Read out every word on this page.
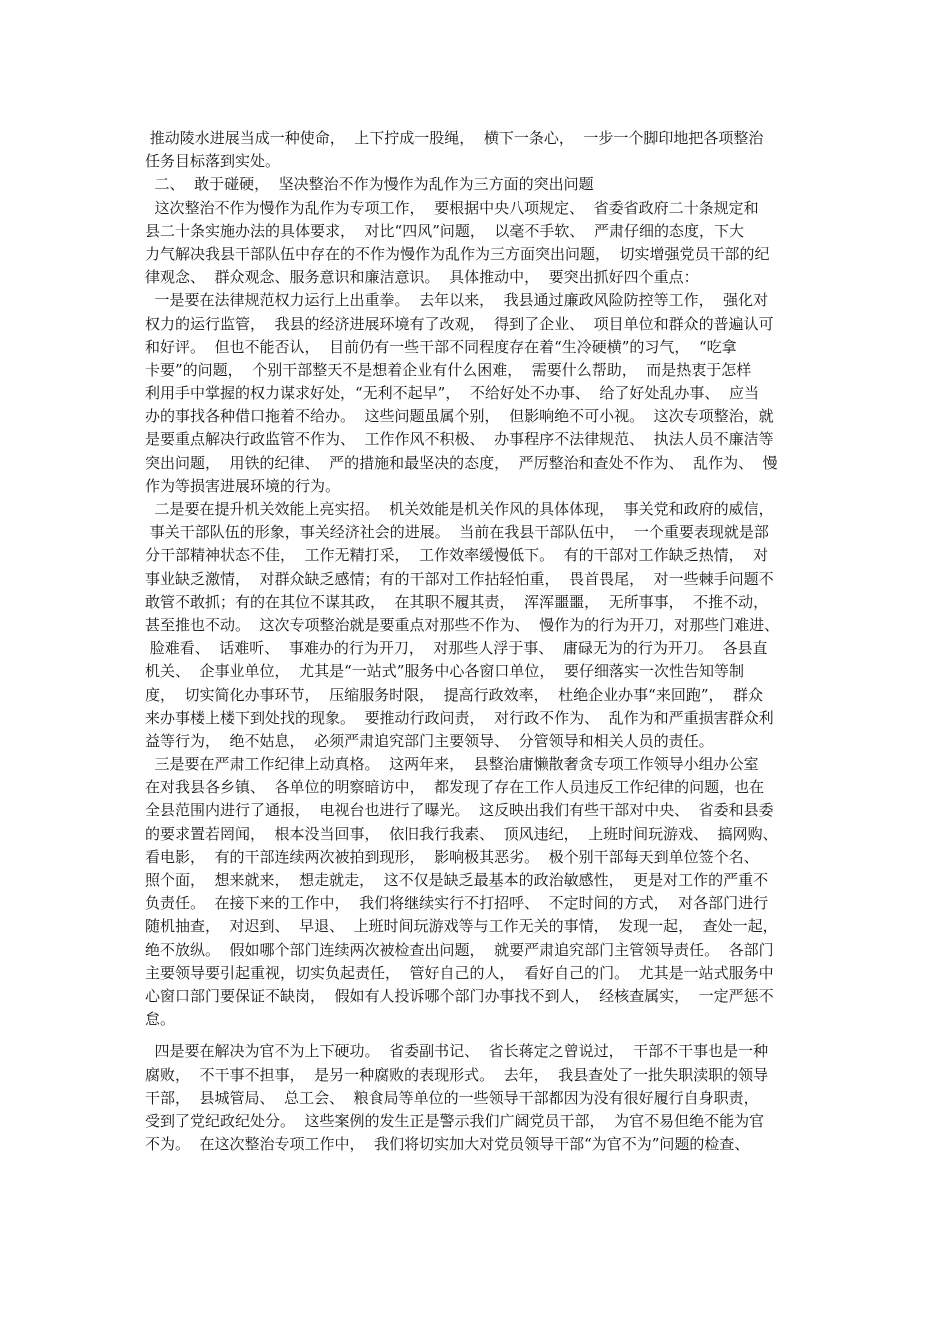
推动陵水进展当成一种使命，  上下拧成一股绳，  横下一条心，  一步一个脚印地把各项整治
任务目标落到实处。
二、  敢于碰硬，  坚决整治不作为慢作为乱作为三方面的突出问题
这次整治不作为慢作为乱作为专项工作，  要根据中央八项规定、  省委省政府二十条规定和
县二十条实施办法的具体要求，  对比“四风”问题，  以毫不手软、  严肃仔细的态度，下大
力气解决我县干部队伍中存在的不作为慢作为乱作为三方面突出问题，  切实增强党员干部的纪
律观念、  群众观念、服务意识和廉洁意识。  具体推动中，  要突出抓好四个重点：
一是要在法律规范权力运行上出重拳。  去年以来，  我县通过廉政风险防控等工作，  强化对
权力的运行监管，  我县的经济进展环境有了改观，  得到了企业、  项目单位和群众的普遍认可
和好评。  但也不能否认，  目前仍有一些干部不同程度存在着“生冷硬横”的习气，  “吃拿
卡要”的问题，  个别干部整天不是想着企业有什么困难，  需要什么帮助，  而是热衷于怎样
利用手中掌握的权力谋求好处，“无利不起早”，  不给好处不办事、  给了好处乱办事、  应当
办的事找各种借口拖着不给办。  这些问题虽属个别，  但影响绝不可小视。  这次专项整治，就
是要重点解决行政监管不作为、  工作作风不积极、  办事程序不法律规范、  执法人员不廉洁等
突出问题，  用铁的纪律、  严的措施和最坚决的态度，  严厉整治和查处不作为、  乱作为、  慢
作为等损害进展环境的行为。
二是要在提升机关效能上亮实招。  机关效能是机关作风的具体体现，  事关党和政府的威信，
事关干部队伍的形象，事关经济社会的进展。  当前在我县干部队伍中，  一个重要表现就是部
分干部精神状态不佳，  工作无精打采，  工作效率缓慢低下。  有的干部对工作缺乏热情，  对
事业缺乏激情，  对群众缺乏感情；有的干部对工作拈轻怕重，  畏首畏尾，  对一些棘手问题不
敢管不敢抓；有的在其位不谋其政，  在其职不履其责，  浑浑噩噩，  无所事事，  不推不动，
甚至推也不动。  这次专项整治就是要重点对那些不作为、  慢作为的行为开刀，对那些门难进、
脸难看、  话难听、  事难办的行为开刀，  对那些人浮于事、  庸碌无为的行为开刀。  各县直
机关、  企事业单位，  尤其是“一站式”服务中心各窗口单位，  要仔细落实一次性告知等制
度，  切实简化办事环节，  压缩服务时限，  提高行政效率，  杜绝企业办事“来回跑”，  群众
来办事楼上楼下到处找的现象。  要推动行政问责，  对行政不作为、  乱作为和严重损害群众利
益等行为，  绝不姑息，  必须严肃追究部门主要领导、  分管领导和相关人员的责任。
三是要在严肃工作纪律上动真格。  这两年来，  县整治庸懒散奢贪专项工作领导小组办公室
在对我县各乡镇、  各单位的明察暗访中，  都发现了存在工作人员违反工作纪律的问题，也在
全县范围内进行了通报，  电视台也进行了曝光。  这反映出我们有些干部对中央、  省委和县委
的要求置若罔闻，  根本没当回事，  依旧我行我素、  顶风违纪，  上班时间玩游戏、  搞网购、
看电影，  有的干部连续两次被拍到现形，  影响极其恶劣。  极个别干部每天到单位签个名、
照个面，  想来就来，  想走就走，  这不仅是缺乏最基本的政治敏感性，  更是对工作的严重不
负责任。  在接下来的工作中，  我们将继续实行不打招呼、  不定时间的方式，  对各部门进行
随机抽查，  对迟到、  早退、  上班时间玩游戏等与工作无关的事情，  发现一起，  查处一起，
绝不放纵。  假如哪个部门连续两次被检查出问题，  就要严肃追究部门主管领导责任。  各部门
主要领导要引起重视，切实负起责任，  管好自己的人，  看好自己的门。  尤其是一站式服务中
心窗口部门要保证不缺岗，  假如有人投诉哪个部门办事找不到人，  经核查属实，  一定严惩不
怠。
四是要在解决为官不为上下硬功。  省委副书记、  省长蒋定之曾说过，  干部不干事也是一种
腐败，  不干事不担事，  是另一种腐败的表现形式。  去年，  我县查处了一批失职渎职的领导
干部，  县城管局、  总工会、  粮食局等单位的一些领导干部都因为没有很好履行自身职责，
受到了党纪政纪处分。  这些案例的发生正是警示我们广阔党员干部，  为官不易但绝不能为官
不为。  在这次整治专项工作中，  我们将切实加大对党员领导干部“为官不为”问题的检查、
